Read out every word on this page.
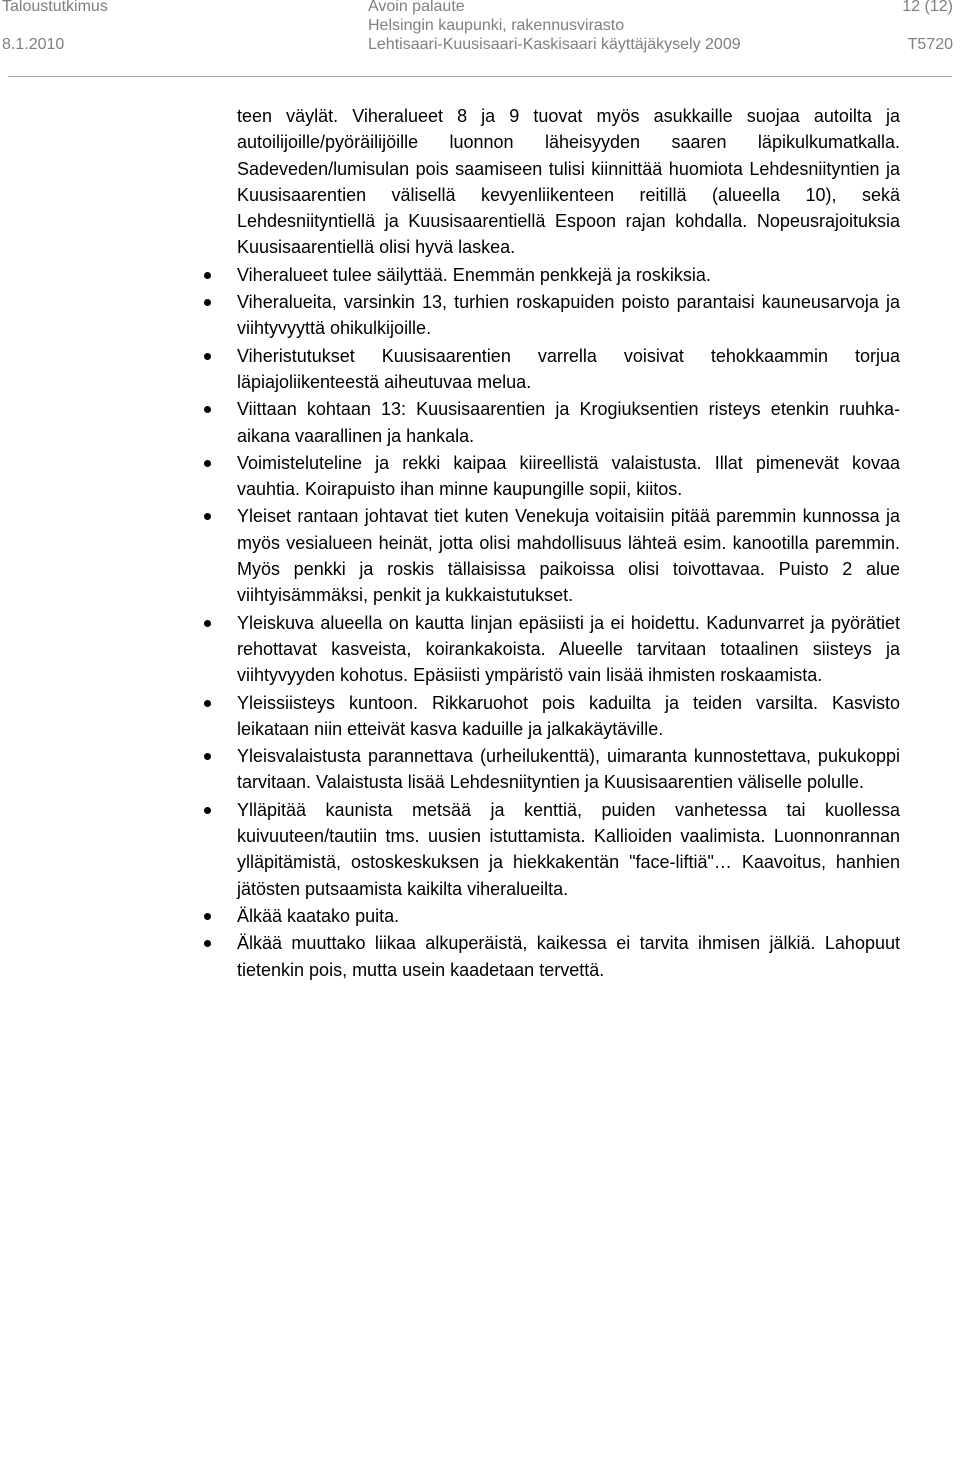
Taloustutkimus
8.1.2010
Avoin palaute
Helsingin kaupunki, rakennusvirasto
Lehtisaari-Kuusisaari-Kaskisaari käyttäjäkysely 2009
12 (12)
T5720

teen väylät. Viheralueet 8 ja 9 tuovat myös asukkaille suojaa autoilta ja autoilijoille/pyöräilijöille luonnon läheisyyden saaren läpikulkumatkalla. Sadeveden/lumisulan pois saamiseen tulisi kiinnittää huomiota Lehdesniityntien ja Kuusisaarentien välisellä kevyenliikenteen reitillä (alueella 10), sekä Lehdesniityntiellä ja Kuusisaarentiellä Espoon rajan kohdalla. Nopeusrajoituksia Kuusisaarentiellä olisi hyvä laskea.

Viheralueet tulee säilyttää. Enemmän penkkejä ja roskiksia.
Viheralueita, varsinkin 13, turhien roskapuiden poisto parantaisi kauneusarvoja ja viihtyvyyttä ohikulkijoille.
Viheristutukset Kuusisaarentien varrella voisivat tehokkaammin torjua läpiajoliikenteestä aiheutuvaa melua.
Viittaan kohtaan 13: Kuusisaarentien ja Krogiuksentien risteys etenkin ruuhka-aikana vaarallinen ja hankala.
Voimisteluteline ja rekki kaipaa kiireellistä valaistusta. Illat pimenevät kovaa vauhtia. Koirapuisto ihan minne kaupungille sopii, kiitos.
Yleiset rantaan johtavat tiet kuten Venekuja voitaisiin pitää paremmin kunnossa ja myös vesialueen heinät, jotta olisi mahdollisuus lähteä esim. kanootilla paremmin. Myös penkki ja roskis tällaisissa paikoissa olisi toivottavaa. Puisto 2 alue viihtyisämmäksi, penkit ja kukkaistutukset.
Yleiskuva alueella on kautta linjan epäsiisti ja ei hoidettu. Kadunvarret ja pyörätiet rehottavat kasveista, koirankakoista. Alueelle tarvitaan totaalinen siisteys ja viihtyvyyden kohotus. Epäsiisti ympäristö vain lisää ihmisten roskaamista.
Yleissiisteys kuntoon. Rikkaruohot pois kaduilta ja teiden varsilta. Kasvisto leikataan niin etteivät kasva kaduille ja jalkakäytäville.
Yleisvalaistusta parannettava (urheilukenttä), uimaranta kunnostettava, pukukoppi tarvitaan. Valaistusta lisää Lehdesniityntien ja Kuusisaarentien väliselle polulle.
Ylläpitää kaunista metsää ja kenttiä, puiden vanhetessa tai kuollessa kuivuuteen/tautiin tms. uusien istuttamista. Kallioiden vaalimista. Luonnonrannan ylläpitämistä, ostoskeskuksen ja hiekkakentän "face-liftiä"… Kaavoitus, hanhien jätösten putsaamista kaikilta viheralueilta.
Älkää kaatako puita.
Älkää muuttako liikaa alkuperäistä, kaikessa ei tarvita ihmisen jälkiä. Lahopuut tietenkin pois, mutta usein kaadetaan tervettä.
